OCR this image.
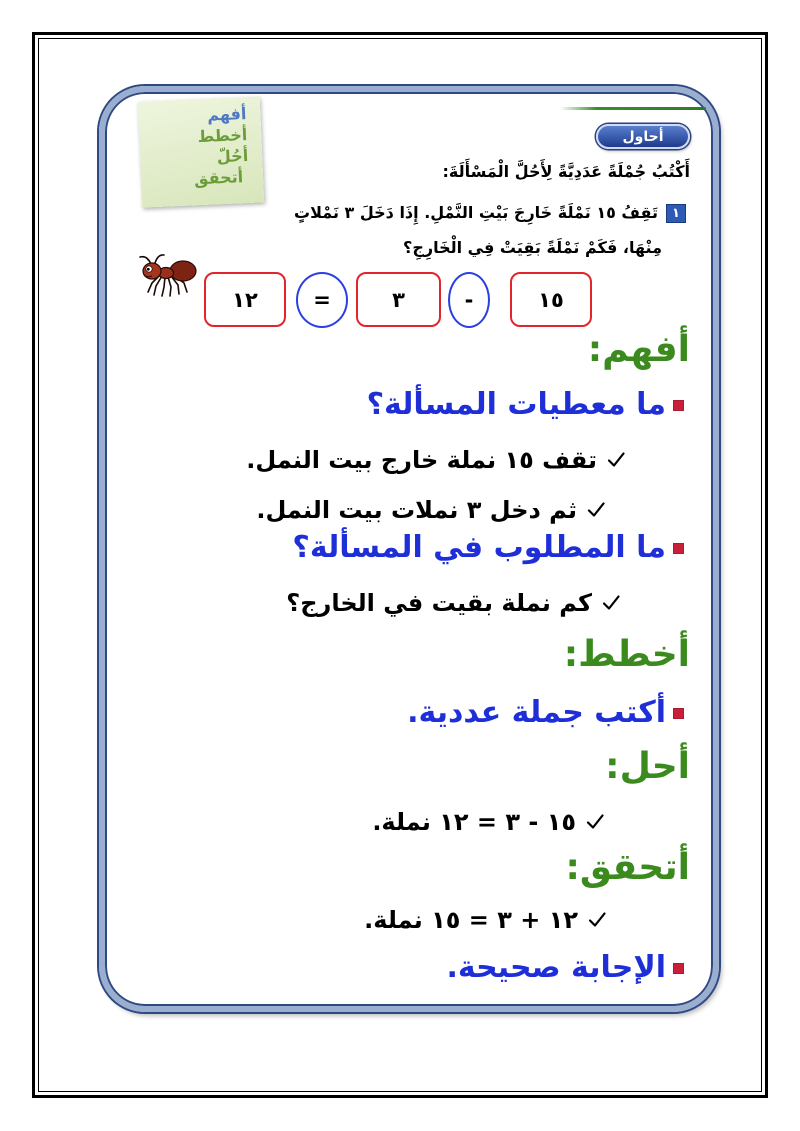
أفهم
أخطط
أحُلّ
أتحقق
أحاول
أَكْتُبُ جُمْلَةً عَدَدِيَّةً لِأَحُلَّ الْمَسْأَلَةَ:
١
تَقِفُ ١٥ نَمْلَةً خَارِجَ بَيْتِ النَّمْلِ. إِذَا دَخَلَ ٣ نَمْلاتٍ
مِنْهَا، فَكَمْ نَمْلَةً بَقِيَتْ فِي الْخَارِجِ؟
١٥
-
٣
=
١٢
أفهم:
ما معطيات المسألة؟
تقف ١٥ نملة خارج بيت النمل.
ثم دخل ٣ نملات بيت النمل.
ما المطلوب في المسألة؟
كم نملة بقيت في الخارج؟
أخطط:
أكتب جملة عددية.
أحل:
١٥ - ٣ = ١٢ نملة.
أتحقق:
١٢ + ٣ = ١٥ نملة.
الإجابة صحيحة.
